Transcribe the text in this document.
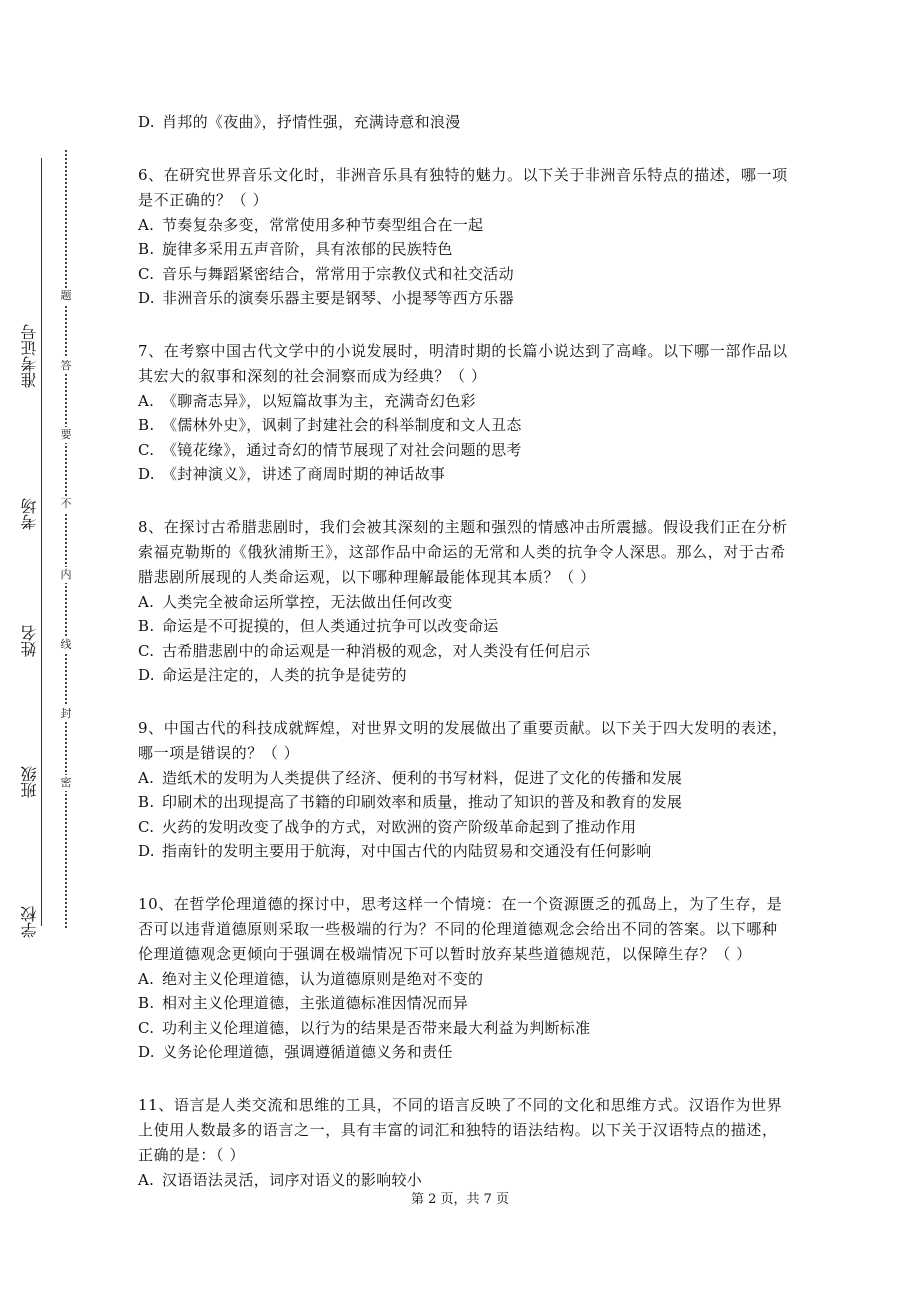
准考证号
考场
姓名
班级
学校
题
答
要
不
内
线
封
密

D. 肖邦的《夜曲》，抒情性强，充满诗意和浪漫

6、在研究世界音乐文化时，非洲音乐具有独特的魅力。以下关于非洲音乐特点的描述，哪一项是不正确的？（ ）

A. 节奏复杂多变，常常使用多种节奏型组合在一起

B. 旋律多采用五声音阶，具有浓郁的民族特色

C. 音乐与舞蹈紧密结合，常常用于宗教仪式和社交活动

D. 非洲音乐的演奏乐器主要是钢琴、小提琴等西方乐器

7、在考察中国古代文学中的小说发展时，明清时期的长篇小说达到了高峰。以下哪一部作品以其宏大的叙事和深刻的社会洞察而成为经典？（ ）

A. 《聊斋志异》，以短篇故事为主，充满奇幻色彩

B. 《儒林外史》，讽刺了封建社会的科举制度和文人丑态

C. 《镜花缘》，通过奇幻的情节展现了对社会问题的思考

D. 《封神演义》，讲述了商周时期的神话故事

8、在探讨古希腊悲剧时，我们会被其深刻的主题和强烈的情感冲击所震撼。假设我们正在分析索福克勒斯的《俄狄浦斯王》，这部作品中命运的无常和人类的抗争令人深思。那么，对于古希腊悲剧所展现的人类命运观，以下哪种理解最能体现其本质？（ ）

A. 人类完全被命运所掌控，无法做出任何改变

B. 命运是不可捉摸的，但人类通过抗争可以改变命运

C. 古希腊悲剧中的命运观是一种消极的观念，对人类没有任何启示

D. 命运是注定的，人类的抗争是徒劳的

9、中国古代的科技成就辉煌，对世界文明的发展做出了重要贡献。以下关于四大发明的表述，哪一项是错误的？（ ）

A. 造纸术的发明为人类提供了经济、便利的书写材料，促进了文化的传播和发展

B. 印刷术的出现提高了书籍的印刷效率和质量，推动了知识的普及和教育的发展

C. 火药的发明改变了战争的方式，对欧洲的资产阶级革命起到了推动作用

D. 指南针的发明主要用于航海，对中国古代的内陆贸易和交通没有任何影响

10、在哲学伦理道德的探讨中，思考这样一个情境：在一个资源匮乏的孤岛上，为了生存，是否可以违背道德原则采取一些极端的行为？不同的伦理道德观念会给出不同的答案。以下哪种伦理道德观念更倾向于强调在极端情况下可以暂时放弃某些道德规范，以保障生存？（ ）

A. 绝对主义伦理道德，认为道德原则是绝对不变的

B. 相对主义伦理道德，主张道德标准因情况而异

C. 功利主义伦理道德，以行为的结果是否带来最大利益为判断标准

D. 义务论伦理道德，强调遵循道德义务和责任

11、语言是人类交流和思维的工具，不同的语言反映了不同的文化和思维方式。汉语作为世界上使用人数最多的语言之一，具有丰富的词汇和独特的语法结构。以下关于汉语特点的描述，正确的是：（ ）

A. 汉语语法灵活，词序对语义的影响较小

第 2 页，共 7 页
